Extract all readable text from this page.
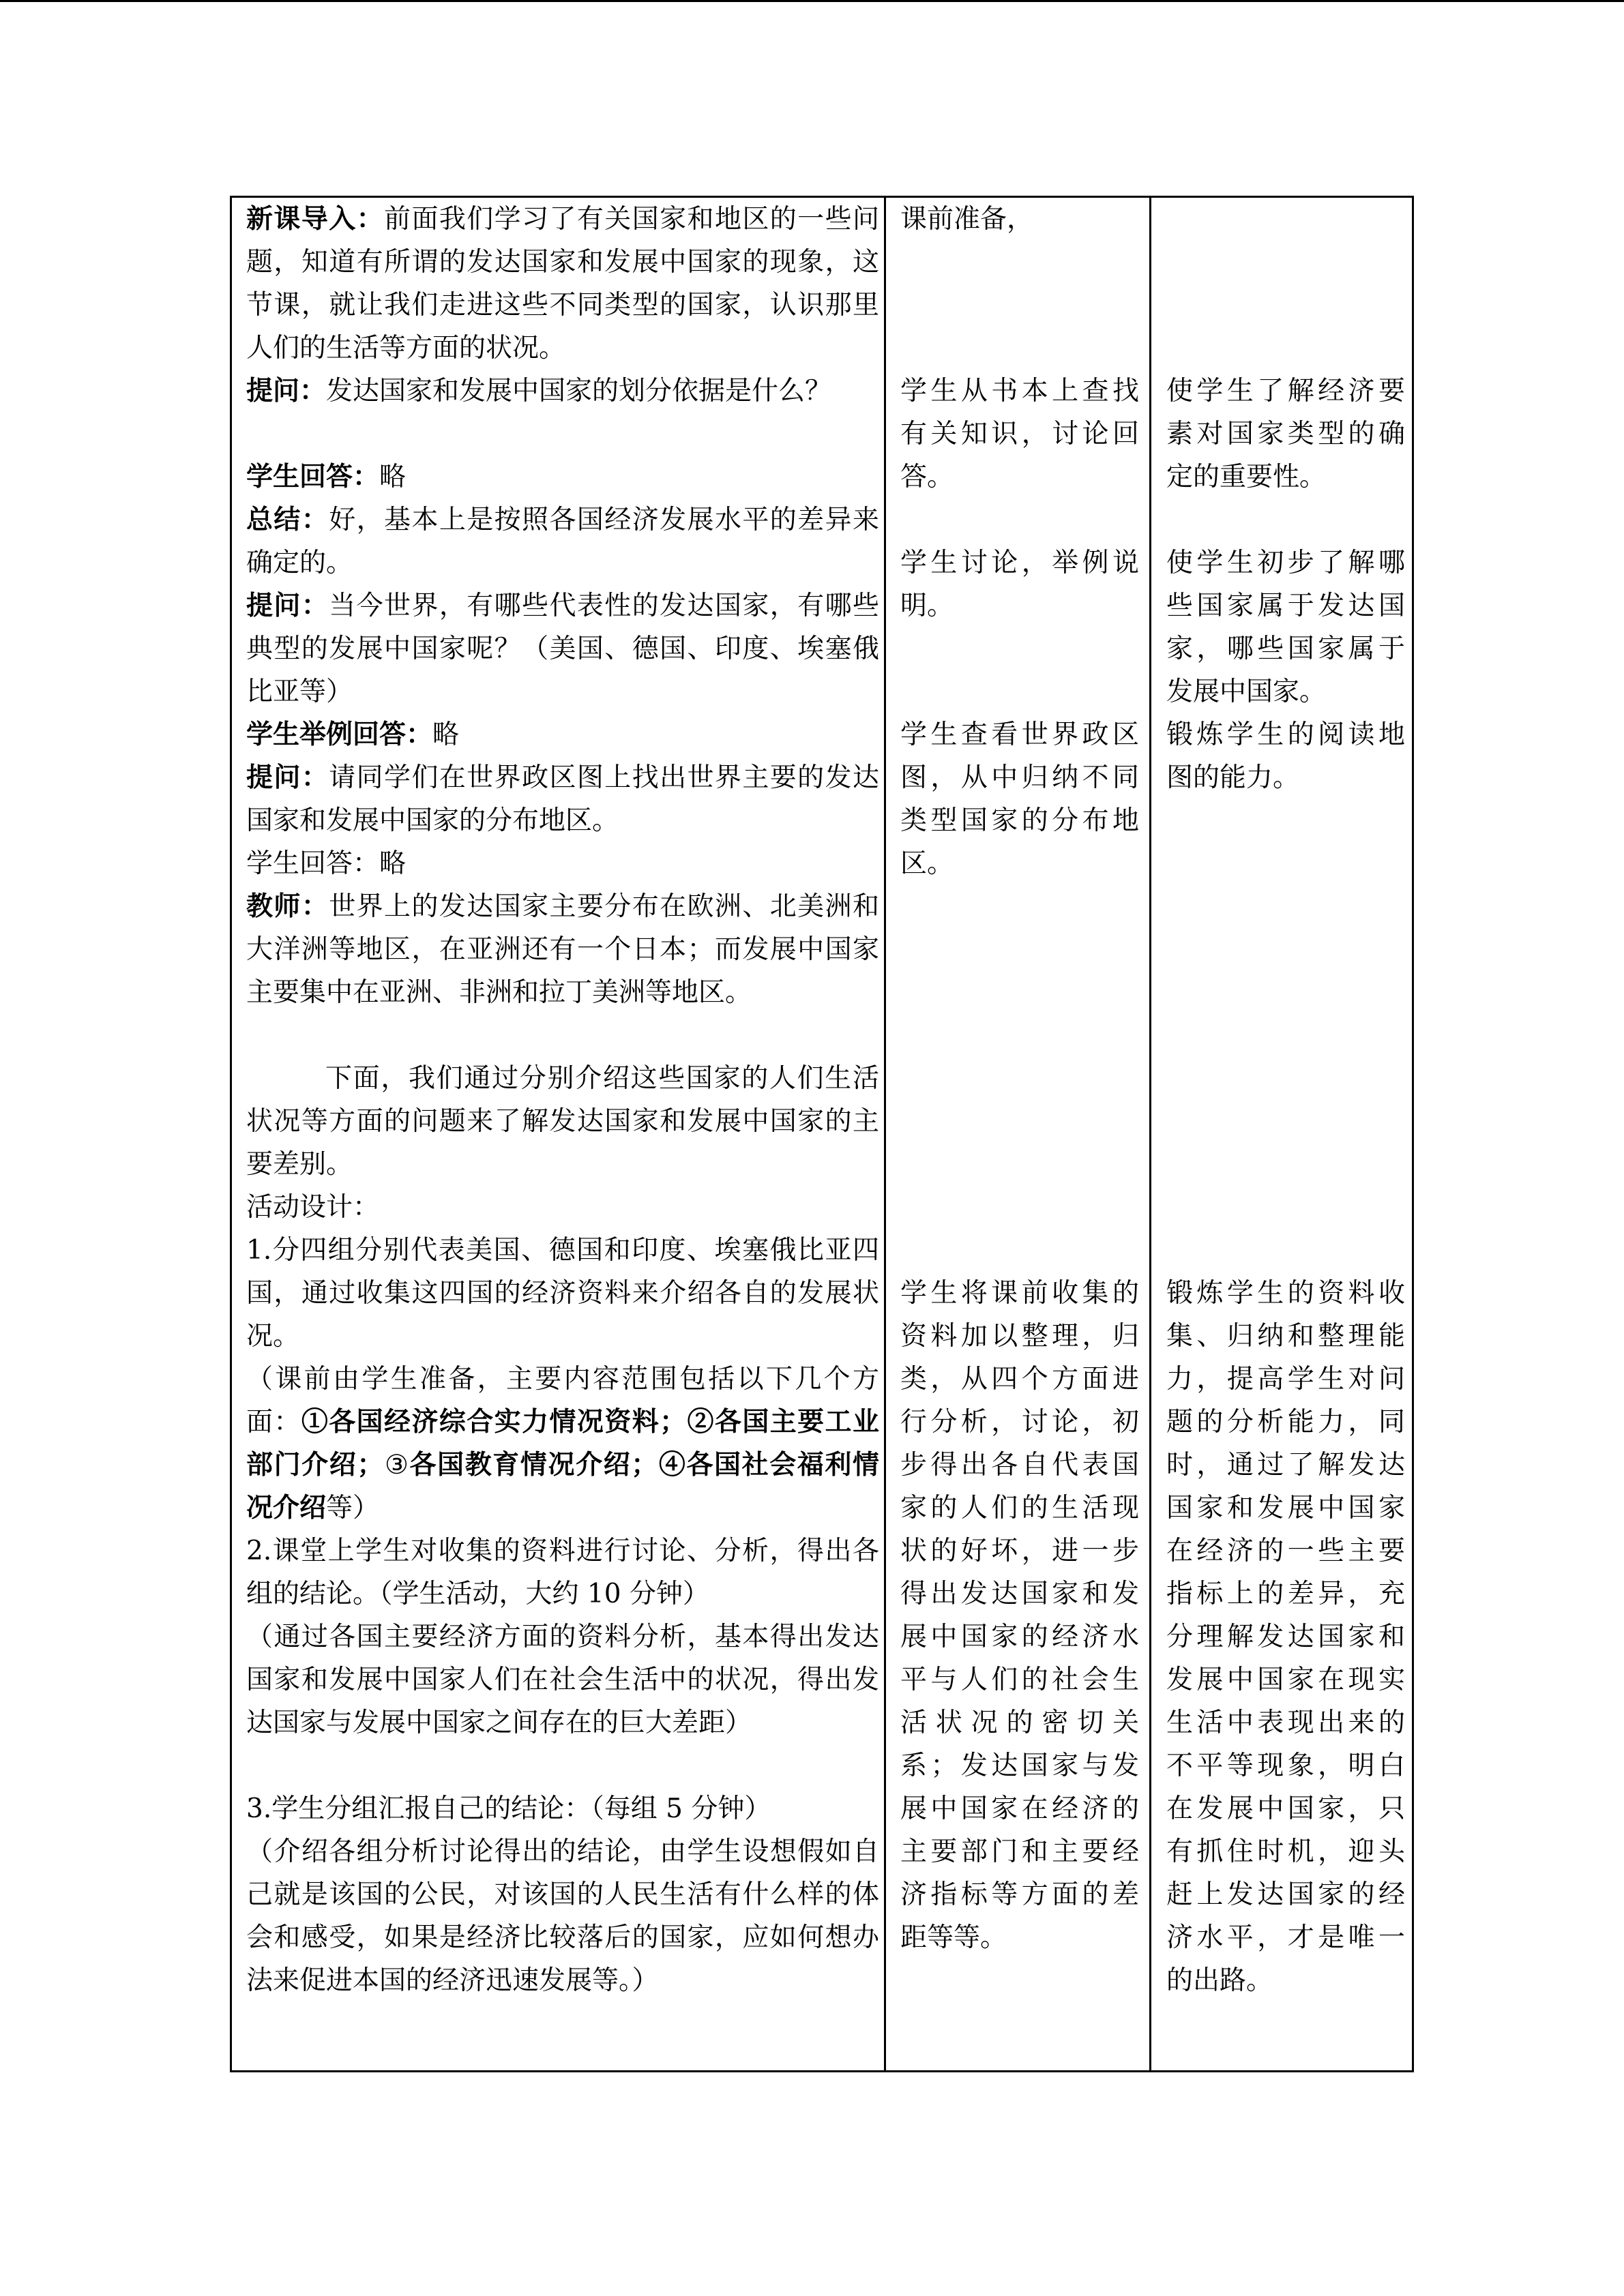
新课导入：前面我们学习了有关国家和地区的一些问题，知道有所谓的发达国家和发展中国家的现象，这节课，就让我们走进这些不同类型的国家，认识那里人们的生活等方面的状况。

提问：发达国家和发展中国家的划分依据是什么？

学生回答：略

总结：好，基本上是按照各国经济发展水平的差异来确定的。

提问：当今世界，有哪些代表性的发达国家，有哪些典型的发展中国家呢？（美国、德国、印度、埃塞俄比亚等）

学生举例回答：略

提问：请同学们在世界政区图上找出世界主要的发达国家和发展中国家的分布地区。

学生回答：略

教师：世界上的发达国家主要分布在欧洲、北美洲和大洋洲等地区，在亚洲还有一个日本；而发展中国家主要集中在亚洲、非洲和拉丁美洲等地区。

下面，我们通过分别介绍这些国家的人们生活状况等方面的问题来了解发达国家和发展中国家的主要差别。

活动设计：

1.分四组分别代表美国、德国和印度、埃塞俄比亚四国，通过收集这四国的经济资料来介绍各自的发展状况。

（课前由学生准备，主要内容范围包括以下几个方面：①各国经济综合实力情况资料；②各国主要工业部门介绍；③各国教育情况介绍；④各国社会福利情况介绍等）

2.课堂上学生对收集的资料进行讨论、分析，得出各组的结论。（学生活动，大约 10 分钟）

（通过各国主要经济方面的资料分析，基本得出发达国家和发展中国家人们在社会生活中的状况，得出发达国家与发展中国家之间存在的巨大差距）

3.学生分组汇报自己的结论：（每组 5 分钟）

（介绍各组分析讨论得出的结论，由学生设想假如自己就是该国的公民，对该国的人民生活有什么样的体会和感受，如果是经济比较落后的国家，应如何想办法来促进本国的经济迅速发展等。）

课前准备，

学生从书本上查找有关知识，讨论回答。

学生讨论，举例说明。

学生查看世界政区图，从中归纳不同类型国家的分布地区。

学生将课前收集的资料加以整理，归类，从四个方面进行分析，讨论，初步得出各自代表国家的人们的生活现状的好坏，进一步得出发达国家和发展中国家的经济水平与人们的社会生活状况的密切关系；发达国家与发展中国家在经济的主要部门和主要经济指标等方面的差距等等。

使学生了解经济要素对国家类型的确定的重要性。

使学生初步了解哪些国家属于发达国家，哪些国家属于发展中国家。

锻炼学生的阅读地图的能力。

锻炼学生的资料收集、归纳和整理能力，提高学生对问题的分析能力，同时，通过了解发达国家和发展中国家在经济的一些主要指标上的差异，充分理解发达国家和发展中国家在现实生活中表现出来的不平等现象，明白在发展中国家，只有抓住时机，迎头赶上发达国家的经济水平，才是唯一的出路。
